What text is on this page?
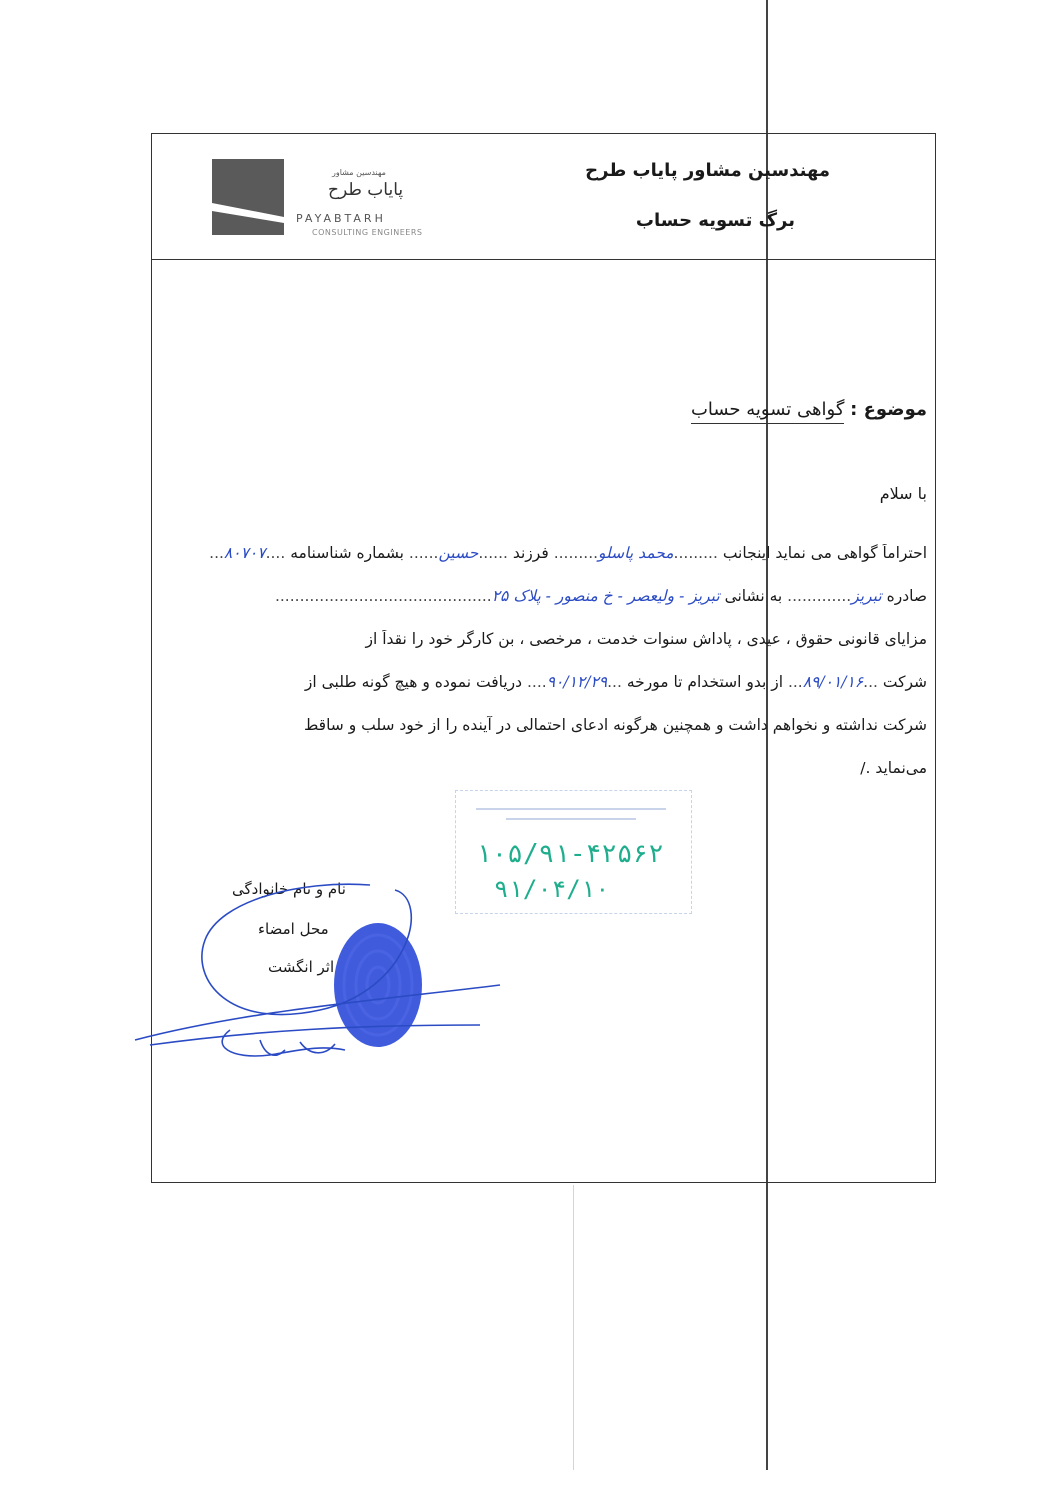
مهندسین مشاور پایاب طرح
برگ تسویه حساب
مهندسین مشاور
پایاب طرح
PAYABTARH
CONSULTING ENGINEERS
موضوع : گواهی تسویه حساب
با سلام
احتراماً گواهی می نماید اینجانب .........محمد پاسلو......... فرزند ......حسین...... بشماره شناسنامه ....۸۰۷۰۷...
صادره تبریز............. به نشانی تبریز - ولیعصر - خ منصور - پلاک ۲۵............................................
مزایای قانونی حقوق ، عیدی ، پاداش سنوات خدمت ، مرخصی ، بن کارگر خود را نقداً از
شرکت ...۸۹/۰۱/۱۶... از بدو استخدام تا مورخه ...۹۰/۱۲/۲۹.... دریافت نموده و هیچ گونه طلبی از
شرکت نداشته و نخواهم داشت و همچنین هرگونه ادعای احتمالی در آینده را از خود سلب و ساقط
می‌نماید ./
۱۰۵/۹۱-۴۲۵۶۲
۹۱/۰۴/۱۰
نام و نام خانوادگی
محل امضاء
اثر انگشت
